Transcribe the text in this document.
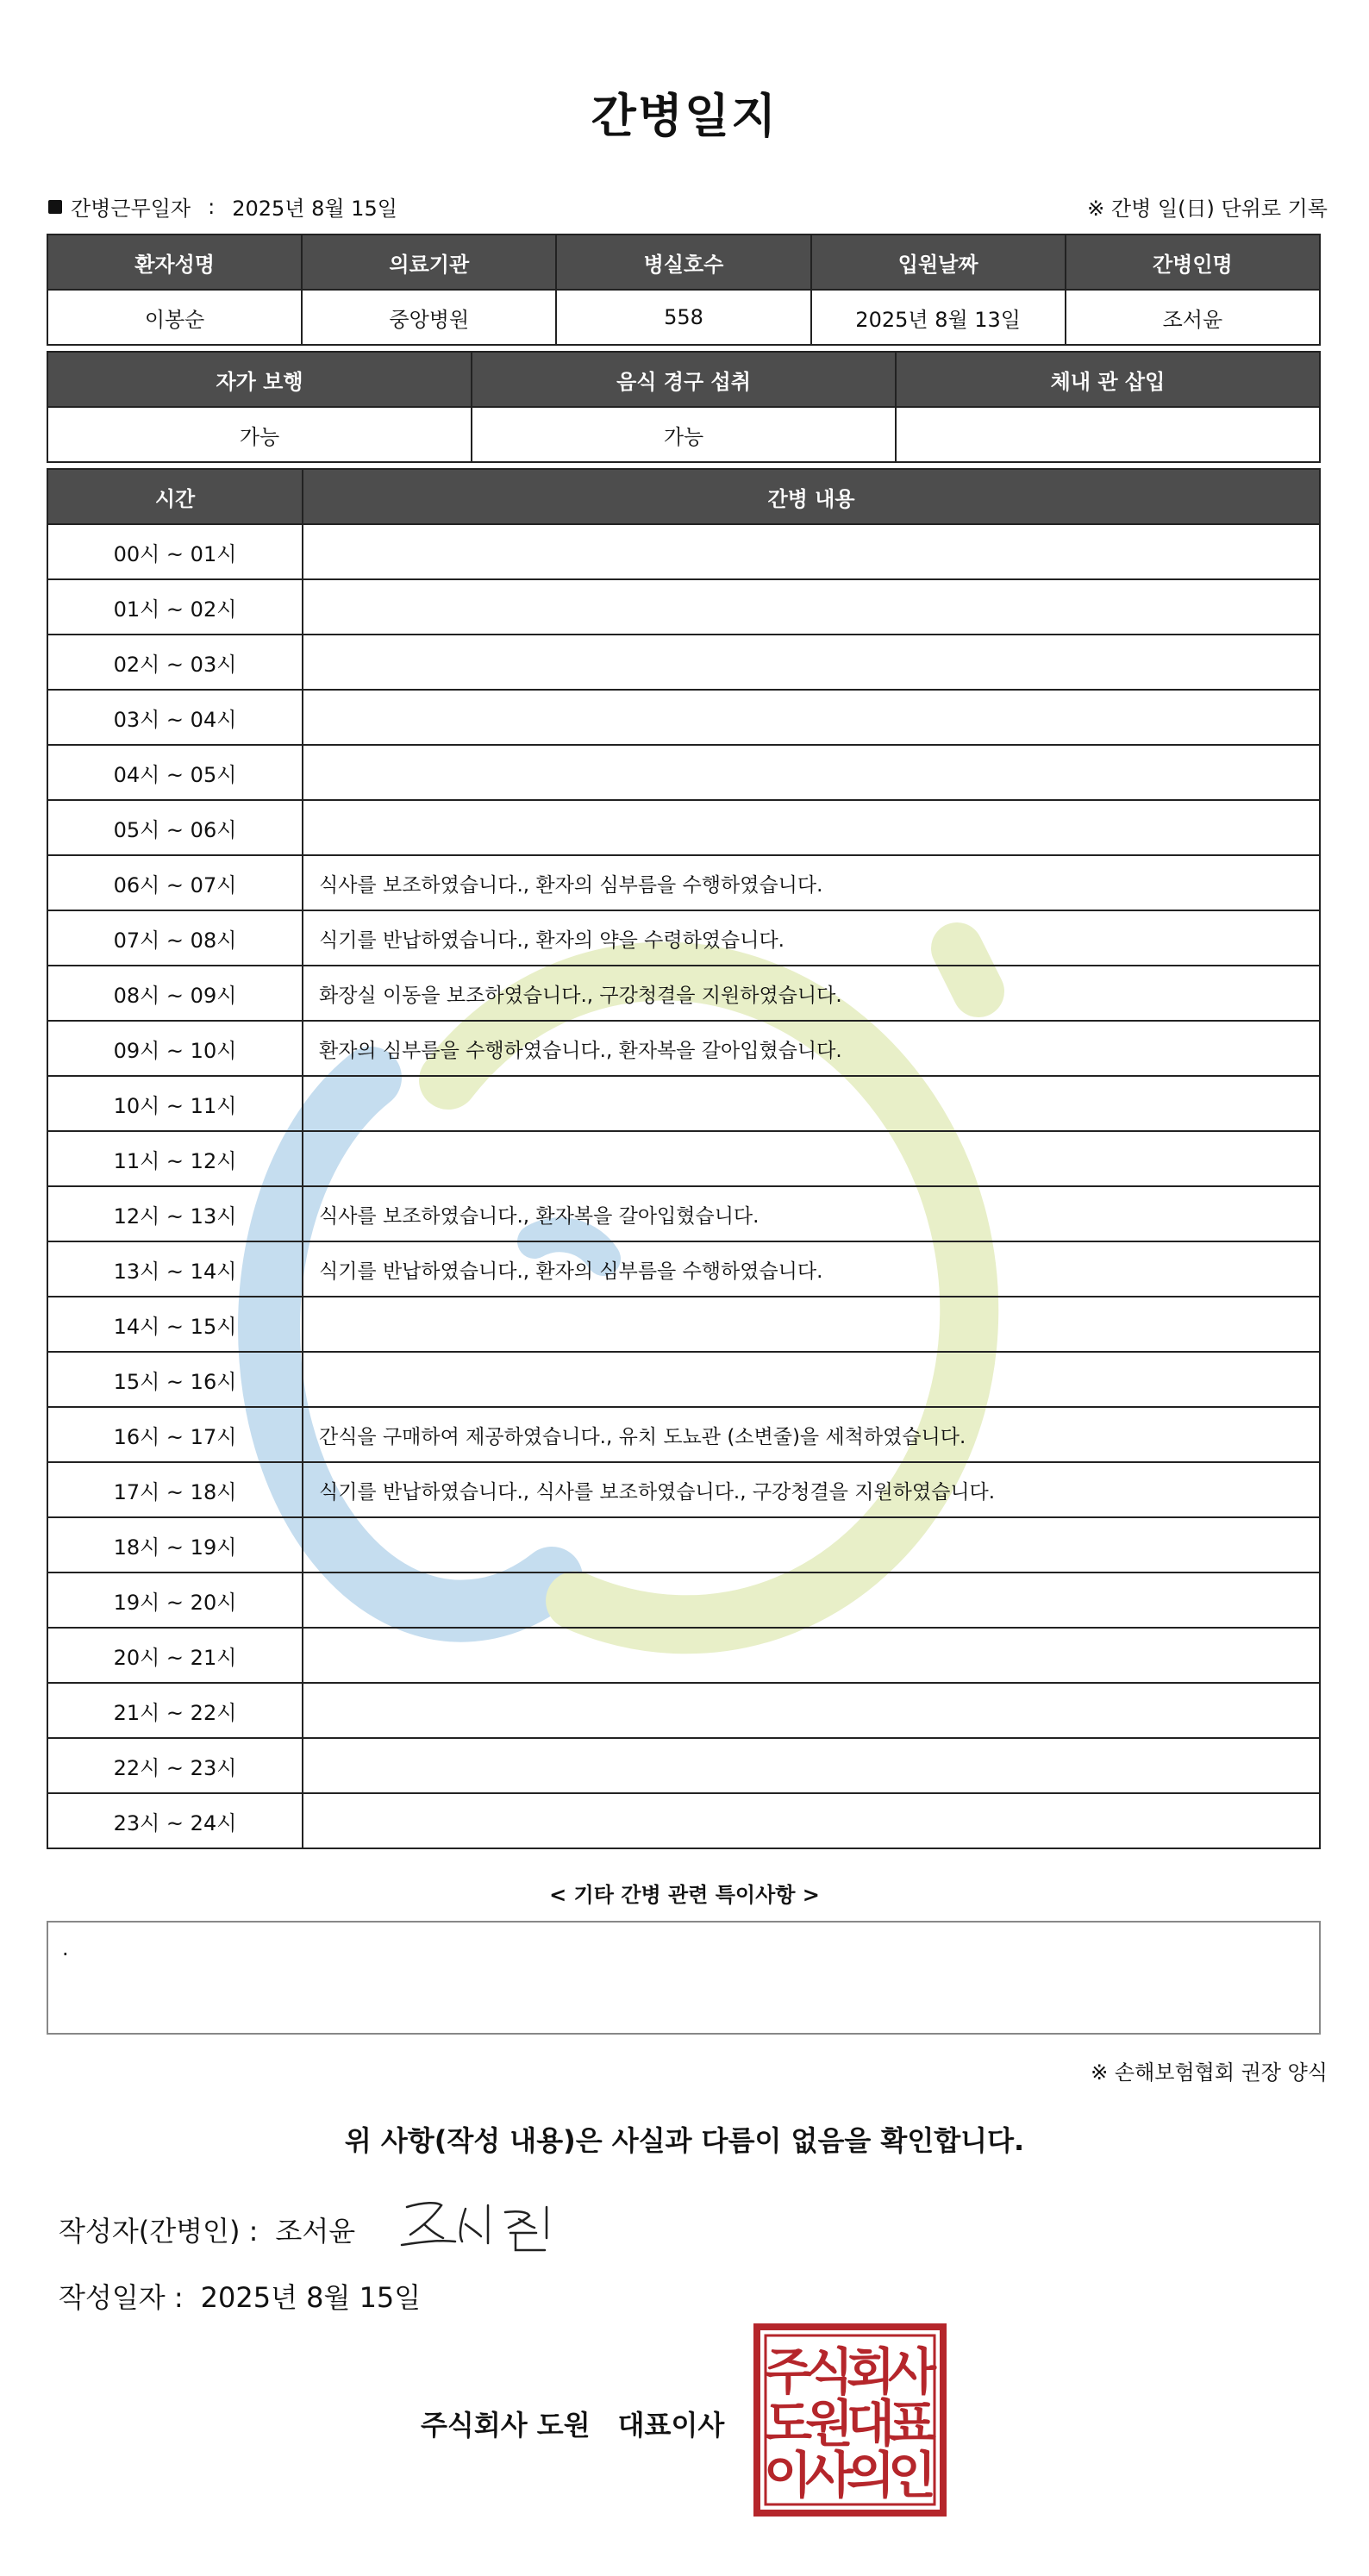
간병일지
간병근무일자 : 2025년 8월 15일	※ 간병 일(日) 단위로 기록
환자성명	의료기관	병실호수	입원날짜	간병인명
이봉순	중앙병원	558	2025년 8월 13일	조서윤
자가 보행	음식 경구 섭취	체내 관 삽입
가능	가능	
시간	간병 내용
00시 ~ 01시	
01시 ~ 02시	
02시 ~ 03시	
03시 ~ 04시	
04시 ~ 05시	
05시 ~ 06시	
06시 ~ 07시	식사를 보조하였습니다., 환자의 심부름을 수행하였습니다.
07시 ~ 08시	식기를 반납하였습니다., 환자의 약을 수령하였습니다.
08시 ~ 09시	화장실 이동을 보조하였습니다., 구강청결을 지원하였습니다.
09시 ~ 10시	환자의 심부름을 수행하였습니다., 환자복을 갈아입혔습니다.
10시 ~ 11시	
11시 ~ 12시	
12시 ~ 13시	식사를 보조하였습니다., 환자복을 갈아입혔습니다.
13시 ~ 14시	식기를 반납하였습니다., 환자의 심부름을 수행하였습니다.
14시 ~ 15시	
15시 ~ 16시	
16시 ~ 17시	간식을 구매하여 제공하였습니다., 유치 도뇨관 (소변줄)을 세척하였습니다.
17시 ~ 18시	식기를 반납하였습니다., 식사를 보조하였습니다., 구강청결을 지원하였습니다.
18시 ~ 19시	
19시 ~ 20시	
20시 ~ 21시	
21시 ~ 22시	
22시 ~ 23시	
23시 ~ 24시	
< 기타 간병 관련 특이사항 >
.
※ 손해보험협회 권장 양식
위 사항(작성 내용)은 사실과 다름이 없음을 확인합니다.
작성자(간병인) : 조서윤
작성일자 : 2025년 8월 15일
주식회사 도원 대표이사
주
식
회
사
도
원
대
표
이
사
의
인
